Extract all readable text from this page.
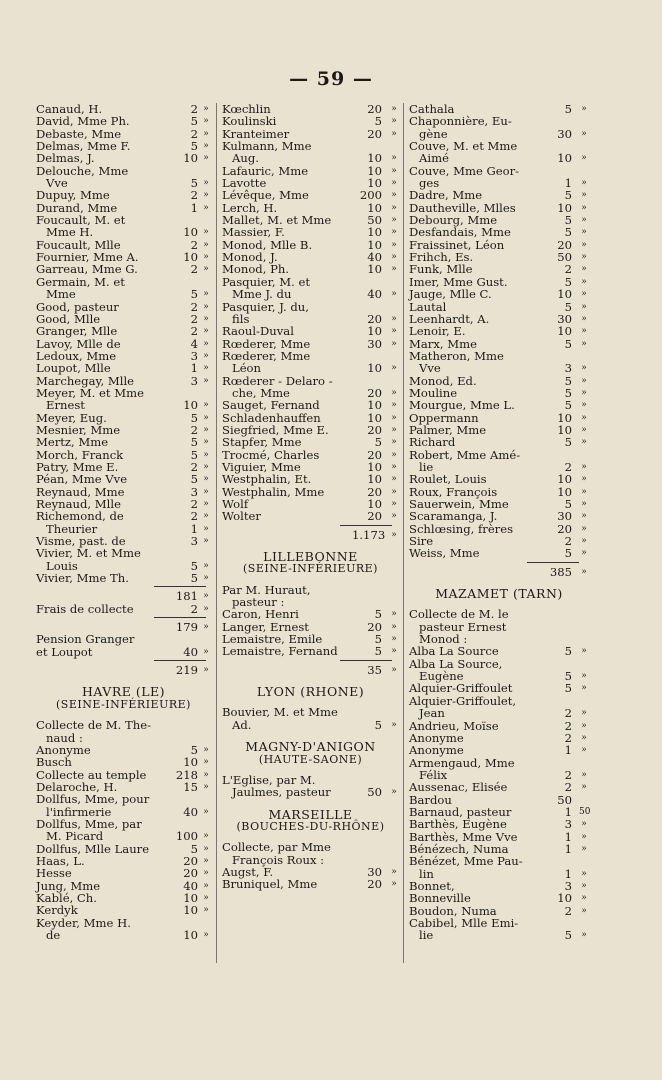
— 59 —
Canaud, H.	2 »
David, Mme Ph.	5 »
Debaste, Mme	2 »
Delmas, Mme F.	5 »
Delmas, J.	10 »
Delouche, Mme
Vve	5 »
Dupuy, Mme	2 »
Durand, Mme	1 »
Foucault, M. et
Mme H.	10 »
Foucault, Mlle	2 »
Fournier, Mme A.	10 »
Garreau, Mme G.	2 »
Germain, M. et
Mme	5 »
Good, pasteur	2 »
Good, Mlle	2 »
Granger, Mlle	2 »
Lavoy, Mlle de	4 »
Ledoux, Mme	3 »
Loupot, Mlle	1 »
Marchegay, Mlle	3 »
Meyer, M. et Mme
Ernest	10 »
Meyer, Eug.	5 »
Mesnier, Mme	2 »
Mertz, Mme	5 »
Morch, Franck	5 »
Patry, Mme E.	2 »
Péan, Mme Vve	5 »
Reynaud, Mme	3 »
Reynaud, Mlle	2 »
Richemond, de	2 »
Theurier	1 »
Visme, past. de	3 »
Vivier, M. et Mme
Louis	5 »
Vivier, Mme Th.	5 »
181 »
Frais de collecte	2 »
179 »
Pension Granger
et Loupot	40 »
219 »
HAVRE (LE)
(SEINE-INFÉRIEURE)
Collecte de M. The-
naud :
Anonyme	5 »
Busch	10 »
Collecte au temple	218 »
Delaroche, H.	15 »
Dollfus, Mme, pour
l'infirmerie	40 »
Dollfus, Mme, par
M. Picard	100 »
Dollfus, Mlle Laure	5 »
Haas, L.	20 »
Hesse	20 »
Jung, Mme	40 »
Kablé, Ch.	10 »
Kerdyk	10 »
Keyder, Mme H.
de	10 »
Kœchlin	20 »
Koulinski	5 »
Kranteimer	20 »
Kulmann, Mme
Aug.	10 »
Lafauric, Mme	10 »
Lavotte	10 »
Lévêque, Mme	200 »
Lerch, H.	10 »
Mallet, M. et Mme	50 »
Massier, F.	10 »
Monod, Mlle B.	10 »
Monod, J.	40 »
Monod, Ph.	10 »
Pasquier, M. et
Mme J. du	40 »
Pasquier, J. du,
fils	20 »
Raoul-Duval	10 »
Rœderer, Mme	30 »
Rœderer, Mme
Léon	10 »
Rœderer - Delaro -
che, Mme	20 »
Sauget, Fernand	10 »
Schladenhauffen	10 »
Siegfried, Mme E.	20 »
Stapfer, Mme	5 »
Trocmé, Charles	20 »
Viguier, Mme	10 »
Westphalin, Et.	10 »
Westphalin, Mme	20 »
Wolf	10 »
Wolter	20 »
1.173 »
LILLEBONNE
(SEINE-INFÉRIEURE)
Par M. Huraut,
pasteur :
Caron, Henri	5 »
Langer, Ernest	20 »
Lemaistre, Emile	5 »
Lemaistre, Fernand	5 »
35 »
LYON (RHONE)
Bouvier, M. et Mme
Ad.	5 »
MAGNY-D'ANIGON
(HAUTE-SAONE)
L'Eglise, par M.
Jaulmes, pasteur	50 »
MARSEILLE
(BOUCHES-DU-RHÔNE)
Collecte, par Mme
François Roux :
Augst, F.	30 »
Bruniquel, Mme	20 »
Cathala	5 »
Chaponnière, Eu-
gène	30 »
Couve, M. et Mme
Aimé	10 »
Couve, Mme Geor-
ges	1 »
Dadre, Mme	5 »
Dautheville, Mlles	10 »
Debourg, Mme	5 »
Desfandais, Mme	5 »
Fraissinet, Léon	20 »
Frihch, Es.	50 »
Funk, Mlle	2 »
Imer, Mme Gust.	5 »
Jauge, Mlle C.	10 »
Lautal	5 »
Leenhardt, A.	30 »
Lenoir, E.	10 »
Marx, Mme	5 »
Matheron, Mme
Vve	3 »
Monod, Ed.	5 »
Mouline	5 »
Mourgue, Mme L.	5 »
Oppermann	10 »
Palmer, Mme	10 »
Richard	5 »
Robert, Mme Amé-
lie	2 »
Roulet, Louis	10 »
Roux, François	10 »
Sauerwein, Mme	5 »
Scaramanga, J.	30 »
Schlœsing, frères	20 »
Sire	2 »
Weiss, Mme	5 »
385 »
MAZAMET (TARN)
Collecte de M. le
pasteur Ernest
Monod :
Alba La Source	5 »
Alba La Source,
Eugène	5 »
Alquier-Griffoulet	5 »
Alquier-Griffoulet,
Jean	2 »
Andrieu, Moïse	2 »
Anonyme	2 »
Anonyme	1 »
Armengaud, Mme
Félix	2 »
Aussenac, Elisée	2 »
Bardou	50
Barnaud, pasteur	1 50
Barthès, Eugène	3 »
Barthès, Mme Vve	1 »
Bénézech, Numa	1 »
Bénézet, Mme Pau-
lin	1 »
Bonnet,	3 »
Bonneville	10 »
Boudon, Numa	2 »
Cabibel, Mlle Emi-
lie	5 »
